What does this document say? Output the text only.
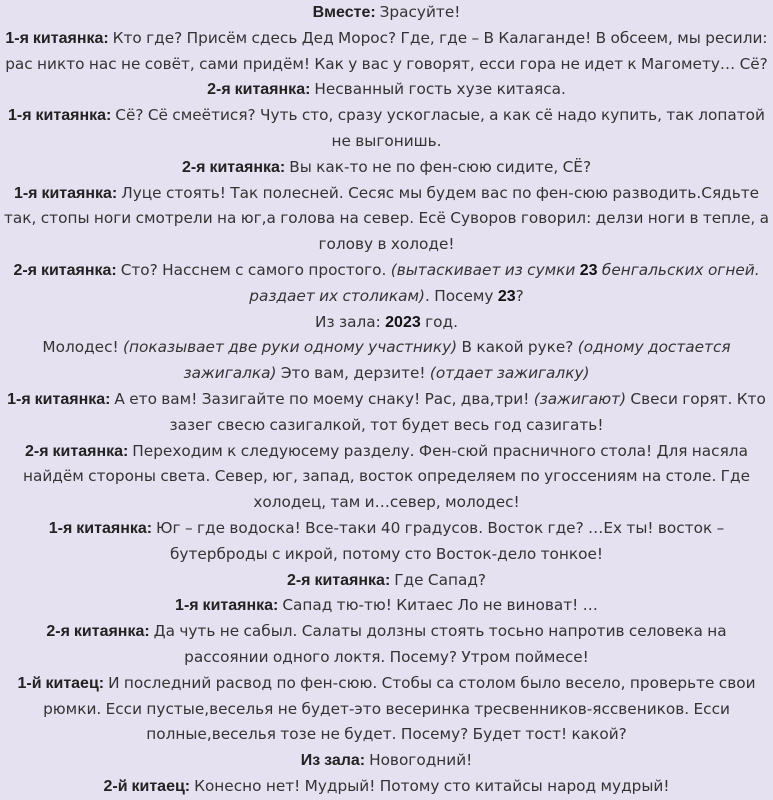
Вместе: Зрасуйте!

1-я китаянка: Кто где? Присём сдесь Дед Морос? Где, где – В Калаганде! В обсеем, мы ресили: рас никто нас не совёт, сами придём! Как у вас у говорят, есси гора не идет к Магомету… Сё?

2-я китаянка: Несванный гость хузе китаяса.

1-я китаянка: Сё? Сё смеётися? Чуть сто, сразу ускогласые, а как сё надо купить, так лопатой не выгонишь.

2-я китаянка: Вы как-то не по фен-сюю сидите, СЁ?

1-я китаянка: Луце стоять! Так полесней. Сесяс мы будем вас по фен-сюю разводить.Сядьте так, стопы ноги смотрели на юг,а голова на север. Есё Суворов говорил: делзи ноги в тепле, а голову в холоде!

2-я китаянка: Сто? Насснем с самого простого. (вытаскивает из сумки 23 бенгальских огней. раздает их столикам). Посему 23?

Из зала: 2023 год.

Молодес! (показывает две руки одному участнику) В какой руке? (одному достается зажигалка) Это вам, дерзите! (отдает зажигалку)

1-я китаянка: А ето вам! Зазигайте по моему снаку! Рас, два,три! (зажигают) Свеси горят. Кто зазег свесю сазигалкой, тот будет весь год сазигать!

2-я китаянка: Переходим к следуюсему разделу. Фен-сюй прасничного стола! Для насяла найдём стороны света. Север, юг, запад, восток определяем по угоссениям на столе. Где холодец, там и…север, молодес!

1-я китаянка: Юг – где водоска! Все-таки 40 градусов. Восток где? …Ех ты! восток – бутерброды с икрой, потому сто Восток-дело тонкое!

2-я китаянка: Где Сапад?

1-я китаянка: Сапад тю-тю! Китаес Ло не виноват! …

2-я китаянка: Да чуть не сабыл. Салаты долзны стоять тосьно напротив селовека на рассоянии одного локтя. Посему? Утром поймесе!

1-й китаец: И последний расвод по фен-сюю. Стобы са столом было весело, проверьте свои рюмки. Есси пустые,веселья не будет-это весеринка тресвенников-яссвеников. Есси полные,веселья тозе не будет. Посему? Будет тост! какой?

Из зала: Новогодний!

2-й китаец: Конесно нет! Мудрый! Потому сто китайсы народ мудрый!
